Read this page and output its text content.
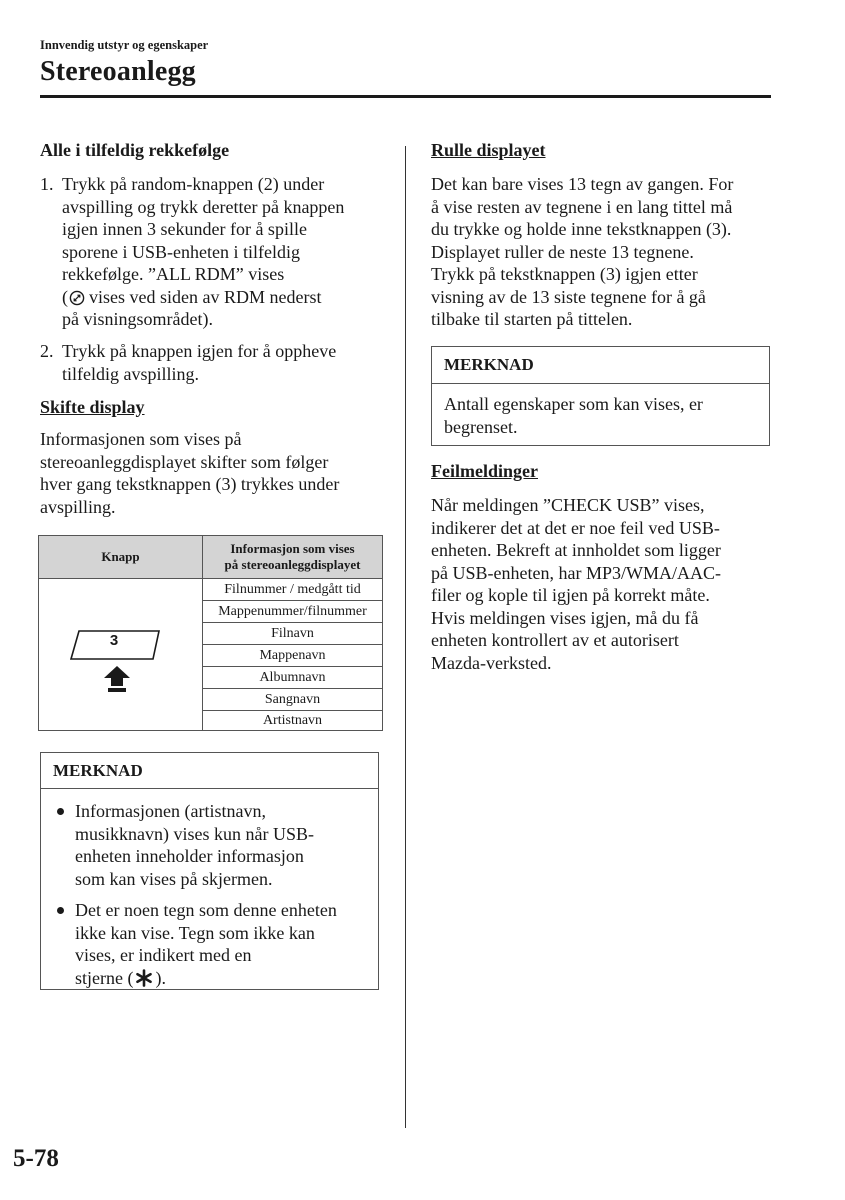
Innvendig utstyr og egenskaper
Stereoanlegg
Alle i tilfeldig rekkefølge
1. Trykk på random-knappen (2) under
avspilling og trykk deretter på knappen
igjen innen 3 sekunder for å spille
sporene i USB-enheten i tilfeldig
rekkefølge. ”ALL RDM” vises
( vises ved siden av RDM nederst
på visningsområdet).
2. Trykk på knappen igjen for å oppheve
tilfeldig avspilling.
Skifte display
Informasjonen som vises på
stereoanleggdisplayet skifter som følger
hver gang tekstknappen (3) trykkes under
avspilling.
Knapp
Informasjon som vises
på stereoanleggdisplayet
3
Filnummer / medgått tid
Mappenummer/filnummer
Filnavn
Mappenavn
Albumnavn
Sangnavn
Artistnavn
MERKNAD
Informasjonen (artistnavn,
musikknavn) vises kun når USB-
enheten inneholder informasjon
som kan vises på skjermen.
Det er noen tegn som denne enheten
ikke kan vise. Tegn som ikke kan
vises, er indikert med en
stjerne ( ).
Rulle displayet
Det kan bare vises 13 tegn av gangen. For
å vise resten av tegnene i en lang tittel må
du trykke og holde inne tekstknappen (3).
Displayet ruller de neste 13 tegnene.
Trykk på tekstknappen (3) igjen etter
visning av de 13 siste tegnene for å gå
tilbake til starten på tittelen.
MERKNAD
Antall egenskaper som kan vises, er
begrenset.
Feilmeldinger
Når meldingen ”CHECK USB” vises,
indikerer det at det er noe feil ved USB-
enheten. Bekreft at innholdet som ligger
på USB-enheten, har MP3/WMA/AAC-
filer og kople til igjen på korrekt måte.
Hvis meldingen vises igjen, må du få
enheten kontrollert av et autorisert
Mazda-verksted.
5-78
